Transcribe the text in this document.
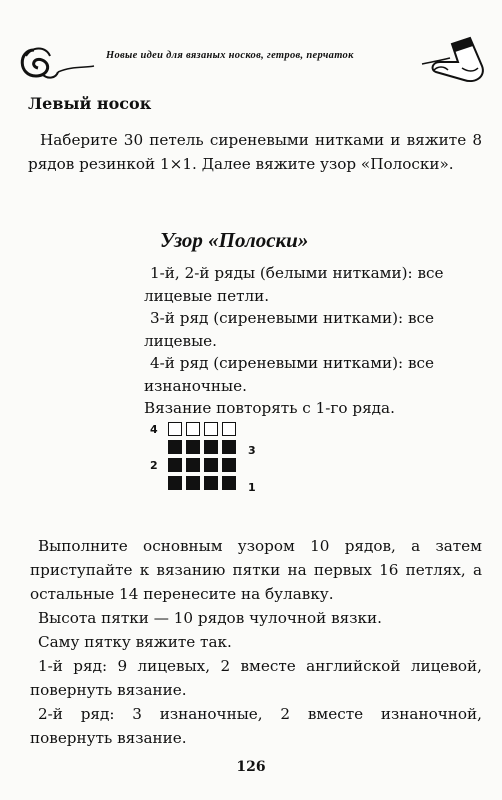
Новые идеи для вязаных носков, гетров, перчаток
Левый носок

Наберите 30 петель сиреневыми нитками и вяжите 8 рядов резинкой 1×1. Далее вяжите узор «Полоски».

Узор «Полоски»
1-й, 2-й ряды (белыми нитками): все
лицевые петли.
3-й ряд (сиреневыми нитками): все
лицевые.
4-й ряд (сиреневыми нитками): все
изнаночные.
Вязание повторять с 1-го ряда.
4
2
3
1

Выполните основным узором 10 рядов, а затем приступайте к вязанию пятки на первых 16 петлях, а остальные 14 перенесите на булавку.

Высота пятки — 10 рядов чулочной вязки.

Саму пятку вяжите так.

1-й ряд: 9 лицевых, 2 вместе английской лицевой, повернуть вязание.

2-й ряд: 3 изнаночные, 2 вместе изнаночной, повернуть вязание.

126
